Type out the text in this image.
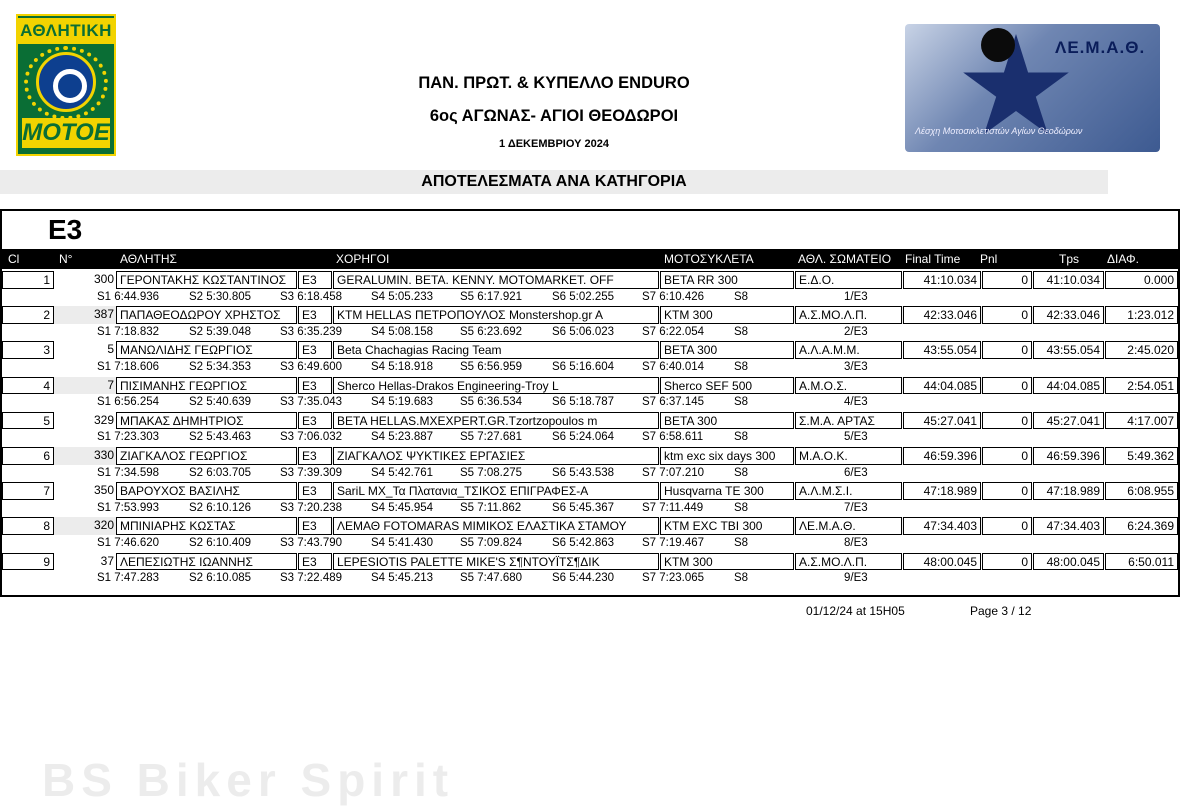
ΑΘΛΗΤΙΚΗ
ΜΟΤΟΕ
ΛΕ.Μ.Α.Θ.
Λέσχη Μοτοσικλετιστών Αγίων Θεοδώρων
ΠΑΝ. ΠΡΩΤ. & ΚΥΠΕΛΛΟ ENDURO
6ος ΑΓΩΝΑΣ- ΑΓΙΟΙ ΘΕΟΔΩΡΟΙ
1 ΔΕΚΕΜΒΡΙΟΥ 2024
ΑΠΟΤΕΛΕΣΜΑΤΑ ΑΝΑ ΚΑΤΗΓΟΡΙΑ
E3
Cl	N°	ΑΘΛΗΤΗΣ	ΧΟΡΗΓΟΙ	ΜΟΤΟΣΥΚΛΕΤΑ	ΑΘΛ. ΣΩΜΑΤΕΙΟ Final Time Pnl	Tps ΔΙΑΦ.
1	300 ΓΕΡΟΝΤΑΚΗΣ ΚΩΣΤΑΝΤΙΝΟΣ	E3	GERALUMIN. BETA. KENNY. MOTOMARKET. OFF	BETA RR 300	Ε.Δ.Ο.	41:10.034	0	41:10.034	0.000
S1 6:44.936	S2 5:30.805	S3 6:18.458	S4 5:05.233 S5 6:17.921	S6 5:02.255 S7 6:10.426	S8	1/E3
2	387 ΠΑΠΑΘΕΟΔΩΡΟΥ ΧΡΗΣΤΟΣ	E3	KTM HELLAS ΠΕΤΡΟΠΟΥΛΟΣ Monstershop.gr A	KTM 300	Α.Σ.ΜΟ.Λ.Π.	42:33.046	0	42:33.046	1:23.012
S1 7:18.832	S2 5:39.048	S3 6:35.239	S4 5:08.158 S5 6:23.692	S6 5:06.023 S7 6:22.054	S8	2/E3
3	5 ΜΑΝΩΛΙΔΗΣ ΓΕΩΡΓΙΟΣ	E3	Beta Chachagias Racing Team	BETA 300	Α.Λ.Α.Μ.Μ.	43:55.054	0	43:55.054	2:45.020
S1 7:18.606	S2 5:34.353	S3 6:49.600	S4 5:18.918 S5 6:56.959	S6 5:16.604 S7 6:40.014	S8	3/E3
4	7 ΠΙΣΙΜΑΝΗΣ ΓΕΩΡΓΙΟΣ	E3	Sherco Hellas-Drakos Engineering-Troy L	Sherco SEF 500	Α.Μ.Ο.Σ.	44:04.085	0	44:04.085	2:54.051
S1 6:56.254	S2 5:40.639	S3 7:35.043	S4 5:19.683 S5 6:36.534	S6 5:18.787 S7 6:37.145	S8	4/E3
5	329 ΜΠΑΚΑΣ ΔΗΜΗΤΡΙΟΣ	E3	BETA HELLAS.MXEXPERT.GR.Tzortzopoulos m	BETA 300	Σ.Μ.Α. ΑΡΤΑΣ	45:27.041	0	45:27.041	4:17.007
S1 7:23.303	S2 5:43.463	S3 7:06.032	S4 5:23.887 S5 7:27.681	S6 5:24.064 S7 6:58.611	S8	5/E3
6	330 ΖΙΑΓΚΑΛΟΣ ΓΕΩΡΓΙΟΣ	E3	ΖΙΑΓΚΑΛΟΣ ΨΥΚΤΙΚΕΣ ΕΡΓΑΣΙΕΣ	ktm exc six days 300	Μ.Α.Ο.Κ.	46:59.396	0	46:59.396	5:49.362
S1 7:34.598	S2 6:03.705	S3 7:39.309	S4 5:42.761 S5 7:08.275	S6 5:43.538 S7 7:07.210	S8	6/E3
7	350 ΒΑΡΟΥΧΟΣ ΒΑΣΙΛΗΣ	E3	SariL MX_Τα Πλατανια_ΤΣΙΚΟΣ ΕΠΙΓΡΑΦΕΣ-Α	Husqvarna TE 300	Α.Λ.Μ.Σ.Ι.	47:18.989	0	47:18.989	6:08.955
S1 7:53.993	S2 6:10.126	S3 7:20.238	S4 5:45.954 S5 7:11.862	S6 5:45.367 S7 7:11.449	S8	7/E3
8	320 ΜΠΙΝΙΑΡΗΣ ΚΩΣΤΑΣ	E3	ΛΕΜΑΘ FOTOMARAS ΜΙΜΙΚΟΣ ΕΛΑΣΤΙΚΑ ΣΤΑΜΟΥ	KTM EXC TBI 300	ΛΕ.Μ.Α.Θ.	47:34.403	0	47:34.403	6:24.369
S1 7:46.620	S2 6:10.409	S3 7:43.790	S4 5:41.430 S5 7:09.824	S6 5:42.863 S7 7:19.467	S8	8/E3
9	37 ΛΕΠΕΣΙΩΤΗΣ ΙΩΑΝΝΗΣ	E3	LEPESIOTIS PALETTE MIKE'S Σ¶ΝΤΟΥΪΤΣ¶ΔΙΚ	KTM 300	Α.Σ.ΜΟ.Λ.Π.	48:00.045	0	48:00.045	6:50.011
S1 7:47.283	S2 6:10.085	S3 7:22.489	S4 5:45.213 S5 7:47.680	S6 5:44.230 S7 7:23.065	S8	9/E3
BS Biker Spirit
01/12/24 at 15H05	Page 3 / 12
